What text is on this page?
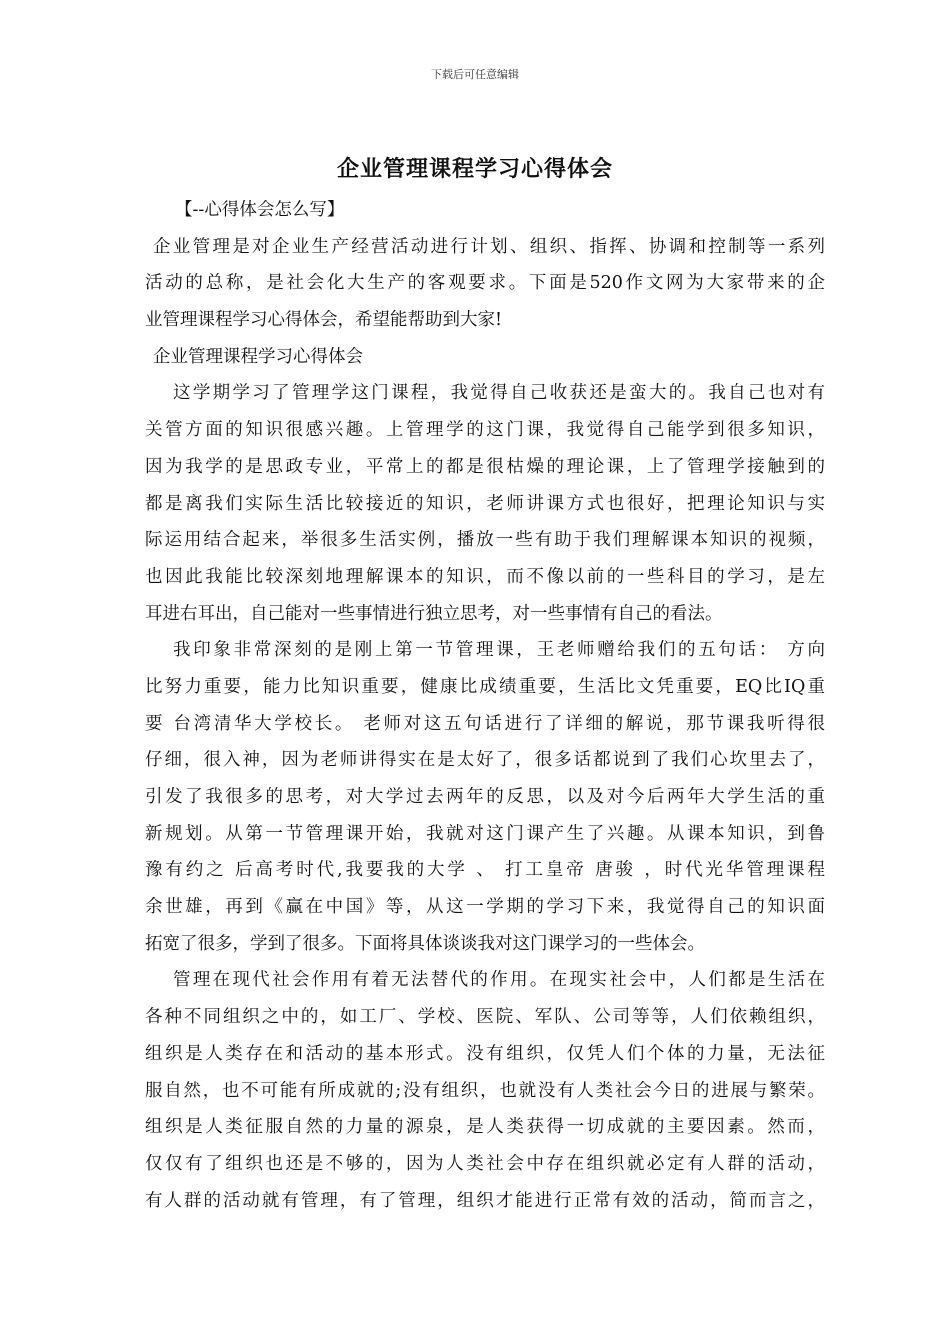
下载后可任意编辑
企业管理课程学习心得体会
【--心得体会怎么写】
企业管理是对企业生产经营活动进行计划、组织、指挥、协调和控制等一系列
活动的总称，是社会化大生产的客观要求。下面是520作文网为大家带来的企
业管理课程学习心得体会，希望能帮助到大家!
企业管理课程学习心得体会
这学期学习了管理学这门课程，我觉得自己收获还是蛮大的。我自己也对有
关管方面的知识很感兴趣。上管理学的这门课，我觉得自己能学到很多知识，
因为我学的是思政专业，平常上的都是很枯燥的理论课，上了管理学接触到的
都是离我们实际生活比较接近的知识，老师讲课方式也很好，把理论知识与实
际运用结合起来，举很多生活实例，播放一些有助于我们理解课本知识的视频，
也因此我能比较深刻地理解课本的知识，而不像以前的一些科目的学习，是左
耳进右耳出，自己能对一些事情进行独立思考，对一些事情有自己的看法。
我印象非常深刻的是刚上第一节管理课，王老师赠给我们的五句话： 方向
比努力重要，能力比知识重要，健康比成绩重要，生活比文凭重要，EQ比IQ重
要 台湾清华大学校长。 老师对这五句话进行了详细的解说，那节课我听得很
仔细，很入神，因为老师讲得实在是太好了，很多话都说到了我们心坎里去了，
引发了我很多的思考，对大学过去两年的反思，以及对今后两年大学生活的重
新规划。从第一节管理课开始，我就对这门课产生了兴趣。从课本知识，到鲁
豫有约之 后高考时代,我要我的大学 、 打工皇帝 唐骏 ，时代光华管理课程
余世雄，再到《赢在中国》等，从这一学期的学习下来，我觉得自己的知识面
拓宽了很多，学到了很多。下面将具体谈谈我对这门课学习的一些体会。
管理在现代社会作用有着无法替代的作用。在现实社会中，人们都是生活在
各种不同组织之中的，如工厂、学校、医院、军队、公司等等，人们依赖组织，
组织是人类存在和活动的基本形式。没有组织，仅凭人们个体的力量，无法征
服自然，也不可能有所成就的;没有组织，也就没有人类社会今日的进展与繁荣。
组织是人类征服自然的力量的源泉，是人类获得一切成就的主要因素。然而，
仅仅有了组织也还是不够的，因为人类社会中存在组织就必定有人群的活动，
有人群的活动就有管理，有了管理，组织才能进行正常有效的活动，简而言之，
